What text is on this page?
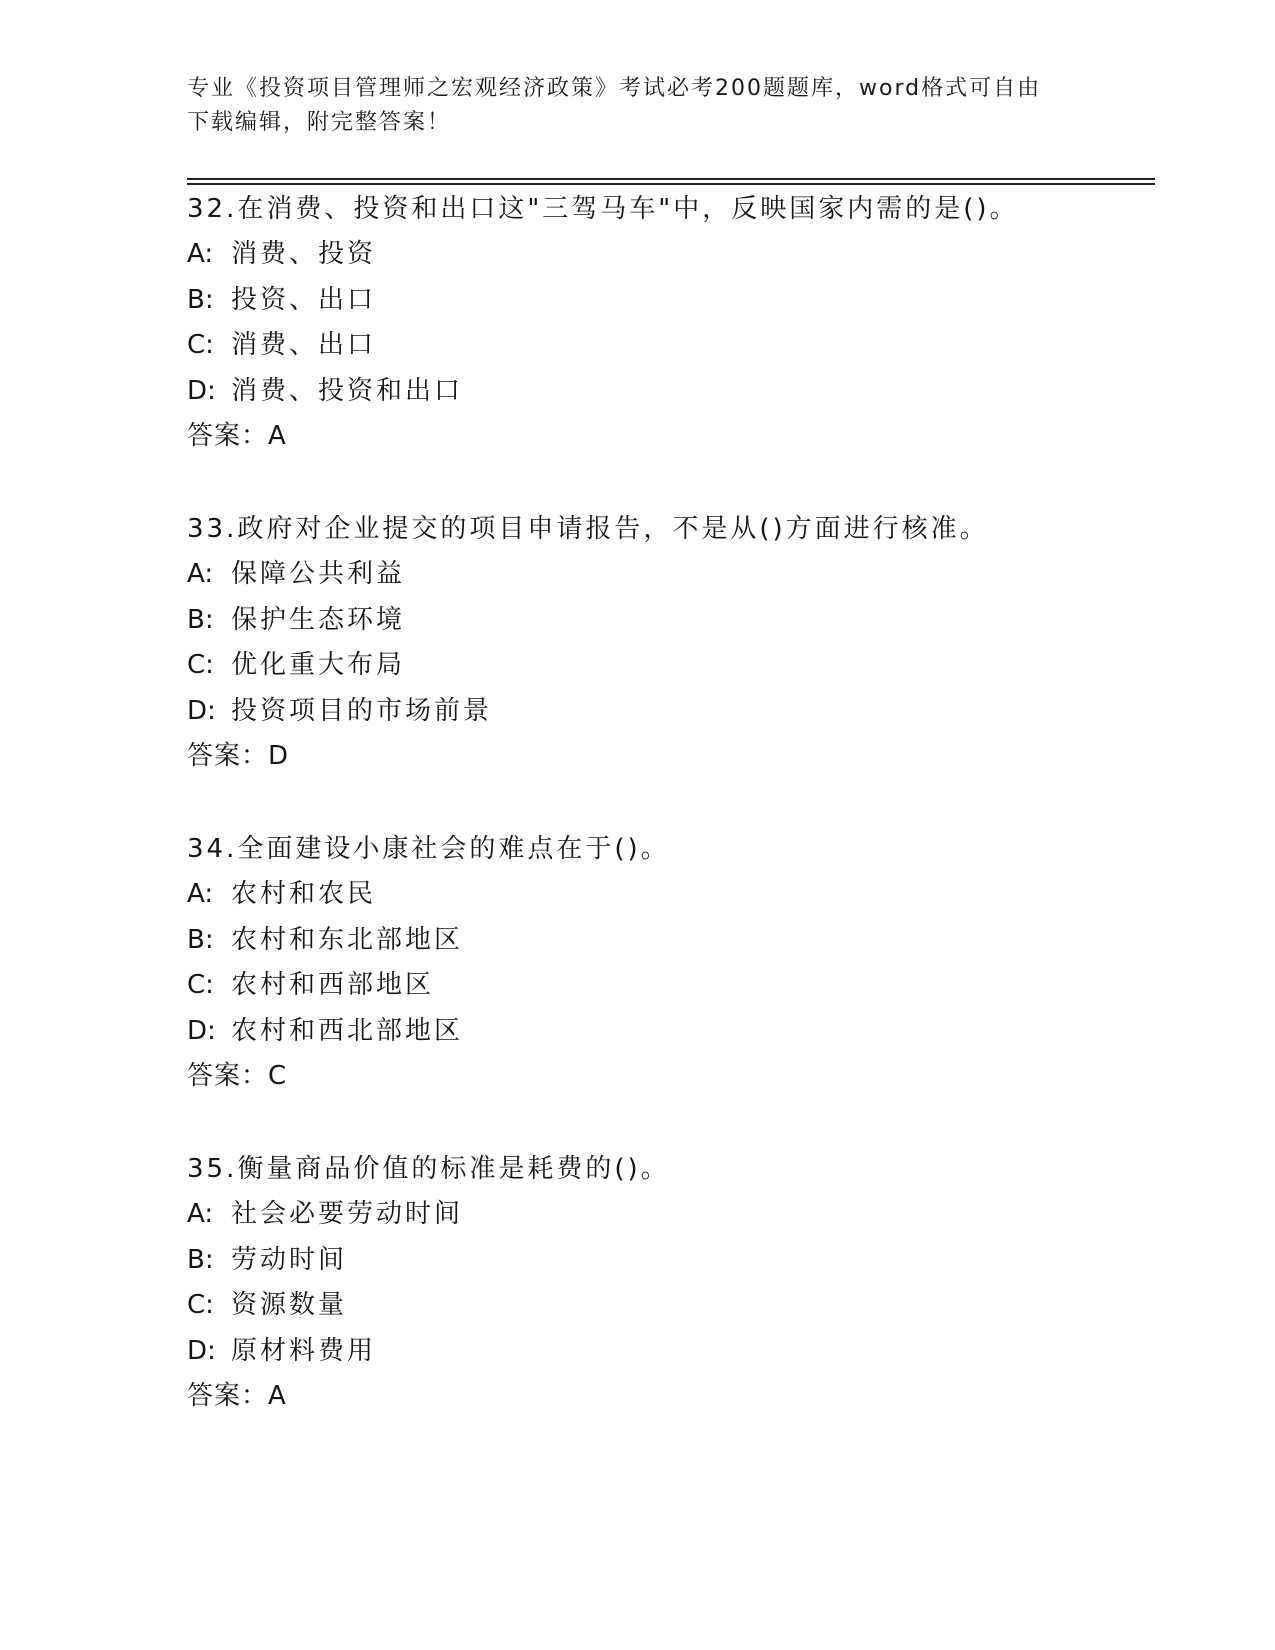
专业《投资项目管理师之宏观经济政策》考试必考200题题库，word格式可自由
下载编辑，附完整答案！
32.在消费、投资和出口这"三驾马车"中，反映国家内需的是()。
A: 消费、投资
B: 投资、出口
C: 消费、出口
D: 消费、投资和出口
答案：A
33.政府对企业提交的项目申请报告，不是从()方面进行核准。
A: 保障公共利益
B: 保护生态环境
C: 优化重大布局
D: 投资项目的市场前景
答案：D
34.全面建设小康社会的难点在于()。
A: 农村和农民
B: 农村和东北部地区
C: 农村和西部地区
D: 农村和西北部地区
答案：C
35.衡量商品价值的标准是耗费的()。
A: 社会必要劳动时间
B: 劳动时间
C: 资源数量
D: 原材料费用
答案：A
